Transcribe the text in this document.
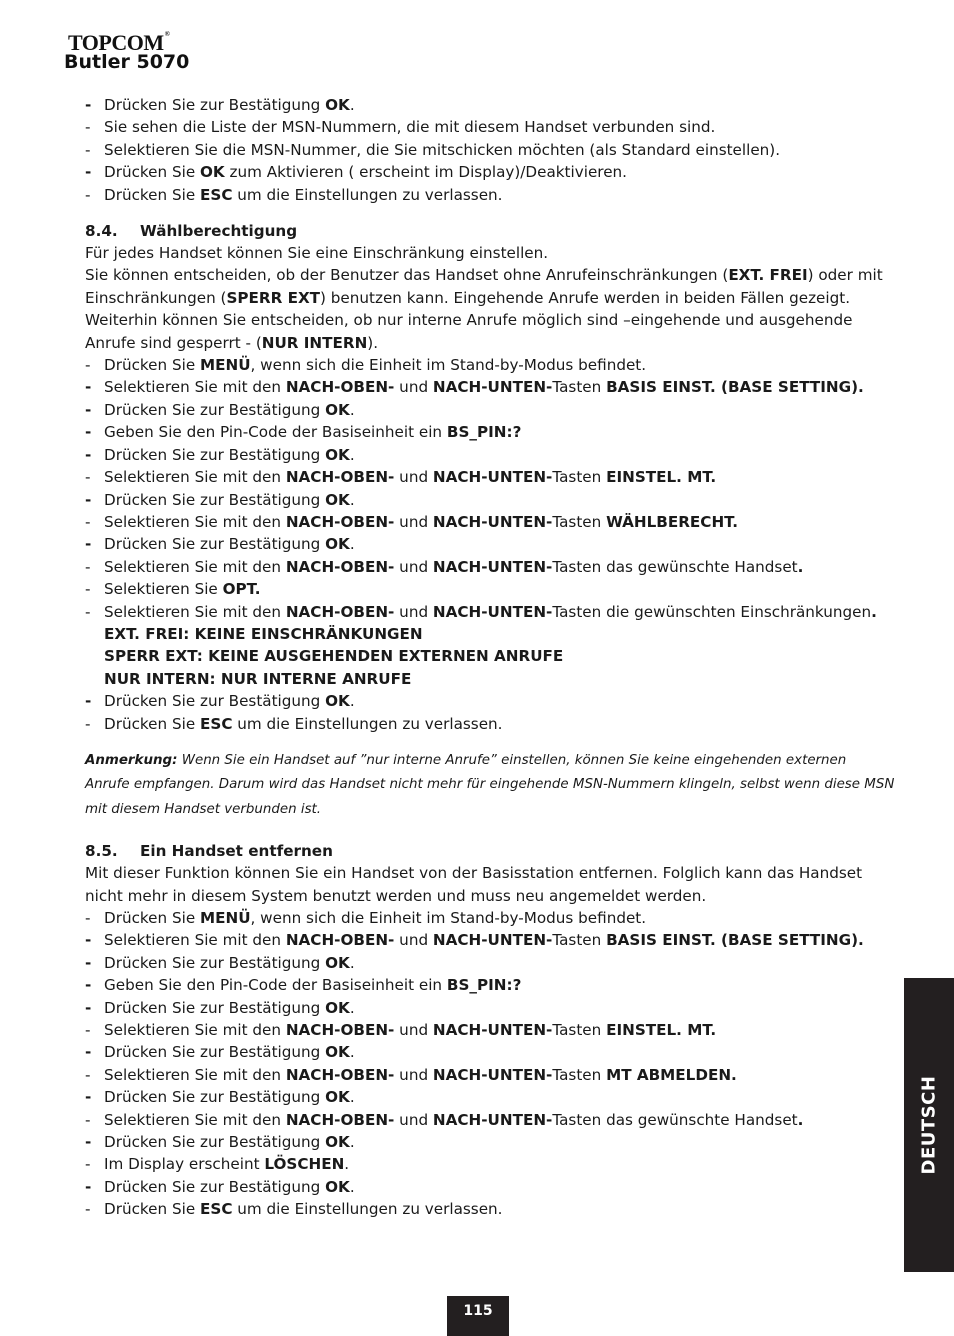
TOPCOM®
Butler 5070
- Drücken Sie zur Bestätigung OK.
- Sie sehen die Liste der MSN-Nummern, die mit diesem Handset verbunden sind.
- Selektieren Sie die MSN-Nummer, die Sie mitschicken möchten (als Standard einstellen).
- Drücken Sie OK zum Aktivieren ( erscheint im Display)/Deaktivieren.
- Drücken Sie ESC um die Einstellungen zu verlassen.
8.4. Wählberechtigung
Für jedes Handset können Sie eine Einschränkung einstellen.
Sie können entscheiden, ob der Benutzer das Handset ohne Anrufeinschränkungen (EXT. FREI) oder mit
Einschränkungen (SPERR EXT) benutzen kann. Eingehende Anrufe werden in beiden Fällen gezeigt.
Weiterhin können Sie entscheiden, ob nur interne Anrufe möglich sind –eingehende und ausgehende
Anrufe sind gesperrt - (NUR INTERN).
- Drücken Sie MENÜ, wenn sich die Einheit im Stand-by-Modus befindet.
- Selektieren Sie mit den NACH-OBEN- und NACH-UNTEN-Tasten BASIS EINST. (BASE SETTING).
- Drücken Sie zur Bestätigung OK.
- Geben Sie den Pin-Code der Basiseinheit ein BS_PIN:?
- Drücken Sie zur Bestätigung OK.
- Selektieren Sie mit den NACH-OBEN- und NACH-UNTEN-Tasten EINSTEL. MT.
- Drücken Sie zur Bestätigung OK.
- Selektieren Sie mit den NACH-OBEN- und NACH-UNTEN-Tasten WÄHLBERECHT.
- Drücken Sie zur Bestätigung OK.
- Selektieren Sie mit den NACH-OBEN- und NACH-UNTEN-Tasten das gewünschte Handset.
- Selektieren Sie OPT.
- Selektieren Sie mit den NACH-OBEN- und NACH-UNTEN-Tasten die gewünschten Einschränkungen.
EXT. FREI: KEINE EINSCHRÄNKUNGEN
SPERR EXT: KEINE AUSGEHENDEN EXTERNEN ANRUFE
NUR INTERN: NUR INTERNE ANRUFE
- Drücken Sie zur Bestätigung OK.
- Drücken Sie ESC um die Einstellungen zu verlassen.
Anmerkung: Wenn Sie ein Handset auf ”nur interne Anrufe” einstellen, können Sie keine eingehenden externen Anrufe empfangen. Darum wird das Handset nicht mehr für eingehende MSN-Nummern klingeln, selbst wenn diese MSN mit diesem Handset verbunden ist.
8.5. Ein Handset entfernen
Mit dieser Funktion können Sie ein Handset von der Basisstation entfernen. Folglich kann das Handset
nicht mehr in diesem System benutzt werden und muss neu angemeldet werden.
- Drücken Sie MENÜ, wenn sich die Einheit im Stand-by-Modus befindet.
- Selektieren Sie mit den NACH-OBEN- und NACH-UNTEN-Tasten BASIS EINST. (BASE SETTING).
- Drücken Sie zur Bestätigung OK.
- Geben Sie den Pin-Code der Basiseinheit ein BS_PIN:?
- Drücken Sie zur Bestätigung OK.
- Selektieren Sie mit den NACH-OBEN- und NACH-UNTEN-Tasten EINSTEL. MT.
- Drücken Sie zur Bestätigung OK.
- Selektieren Sie mit den NACH-OBEN- und NACH-UNTEN-Tasten MT ABMELDEN.
- Drücken Sie zur Bestätigung OK.
- Selektieren Sie mit den NACH-OBEN- und NACH-UNTEN-Tasten das gewünschte Handset.
- Drücken Sie zur Bestätigung OK.
- Im Display erscheint LÖSCHEN.
- Drücken Sie zur Bestätigung OK.
- Drücken Sie ESC um die Einstellungen zu verlassen.
DEUTSCH
115
